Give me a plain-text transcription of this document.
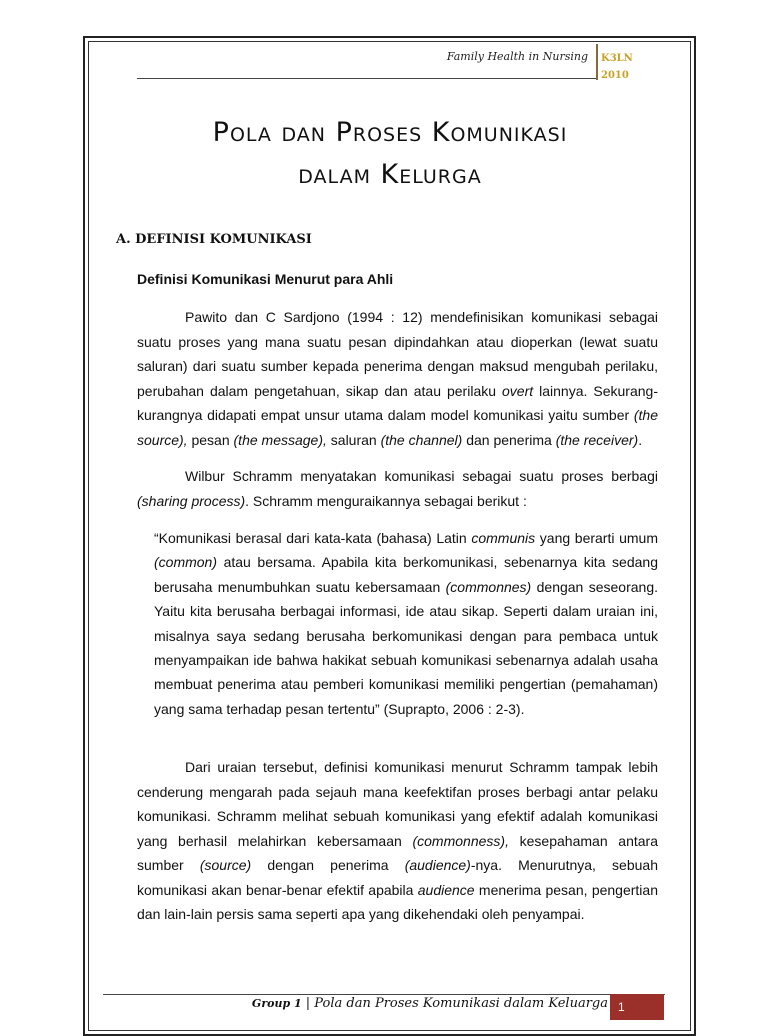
Family Health in Nursing K3LN
2010
Pola dan Proses Komunikasi
dalam Kelurga
A. DEFINISI KOMUNIKASI
Definisi Komunikasi Menurut para Ahli

Pawito dan C Sardjono (1994 : 12) mendefinisikan komunikasi sebagai suatu proses yang mana suatu pesan dipindahkan atau dioperkan (lewat suatu saluran) dari suatu sumber kepada penerima dengan maksud mengubah perilaku, perubahan dalam pengetahuan, sikap dan atau perilaku overt lainnya. Sekurang-kurangnya didapati empat unsur utama dalam model komunikasi yaitu sumber (the source), pesan (the message), saluran (the channel) dan penerima (the receiver).

Wilbur Schramm menyatakan komunikasi sebagai suatu proses berbagi (sharing process). Schramm menguraikannya sebagai berikut :

“Komunikasi berasal dari kata-kata (bahasa) Latin communis yang berarti umum (common) atau bersama. Apabila kita berkomunikasi, sebenarnya kita sedang berusaha menumbuhkan suatu kebersamaan (commonnes) dengan seseorang. Yaitu kita berusaha berbagai informasi, ide atau sikap. Seperti dalam uraian ini, misalnya saya sedang berusaha berkomunikasi dengan para pembaca untuk menyampaikan ide bahwa hakikat sebuah komunikasi sebenarnya adalah usaha membuat penerima atau pemberi komunikasi memiliki pengertian (pemahaman) yang sama terhadap pesan tertentu” (Suprapto, 2006 : 2-3).

Dari uraian tersebut, definisi komunikasi menurut Schramm tampak lebih cenderung mengarah pada sejauh mana keefektifan proses berbagi antar pelaku komunikasi. Schramm melihat sebuah komunikasi yang efektif adalah komunikasi yang berhasil melahirkan kebersamaan (commonness), kesepahaman antara sumber (source) dengan penerima (audience)-nya. Menurutnya, sebuah komunikasi akan benar-benar efektif apabila audience menerima pesan, pengertian dan lain-lain persis sama seperti apa yang dikehendaki oleh penyampai.

Group 1 | Pola dan Proses Komunikasi dalam Keluarga 1
